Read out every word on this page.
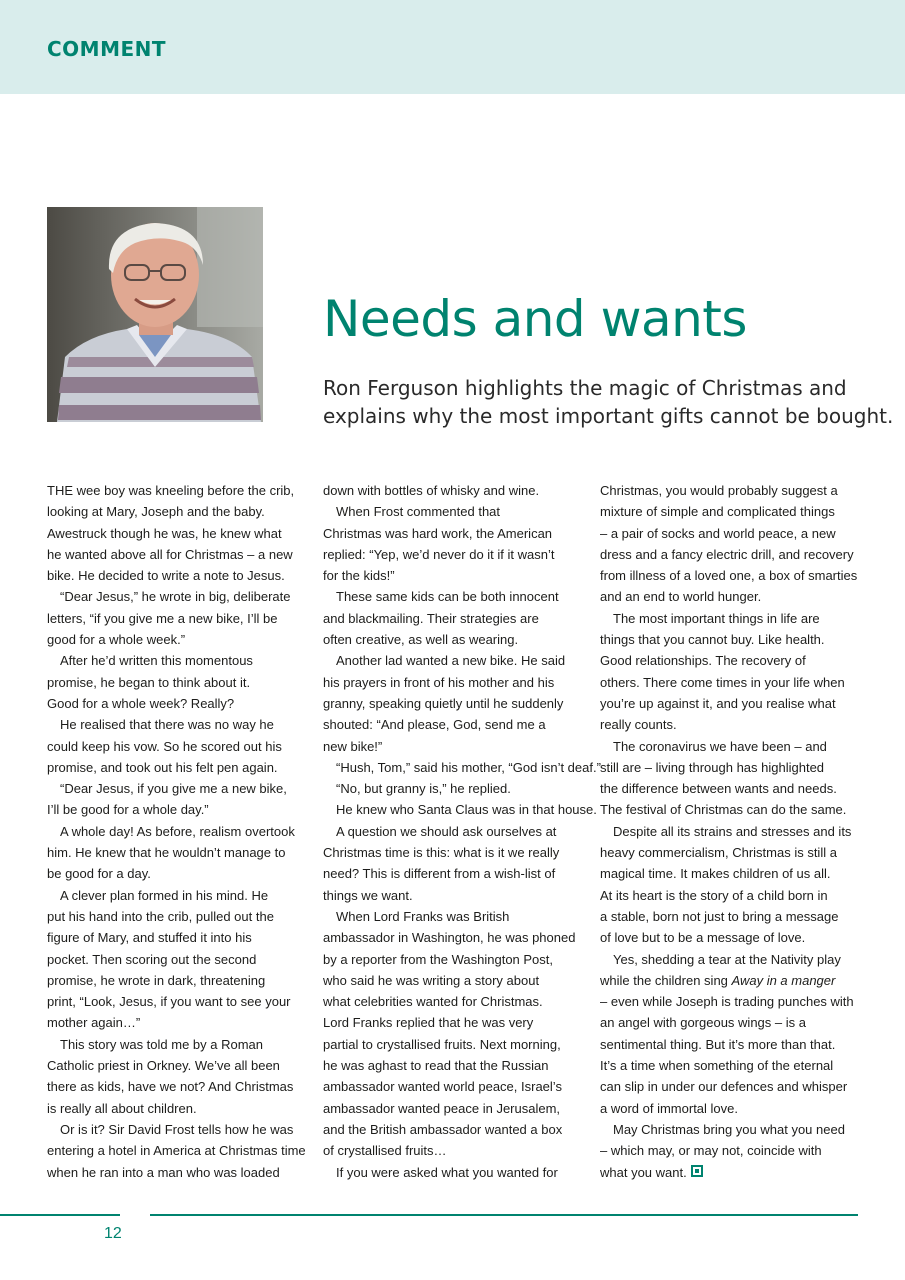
COMMENT
Needs and wants
Ron Ferguson highlights the magic of Christmas and
explains why the most important gifts cannot be bought.

THE wee boy was kneeling before the crib,

looking at Mary, Joseph and the baby.

Awestruck though he was, he knew what

he wanted above all for Christmas – a new

bike. He decided to write a note to Jesus.

“Dear Jesus,” he wrote in big, deliberate

letters, “if you give me a new bike, I’ll be

good for a whole week.”

After he’d written this momentous

promise, he began to think about it.

Good for a whole week? Really?

He realised that there was no way he

could keep his vow. So he scored out his

promise, and took out his felt pen again.

“Dear Jesus, if you give me a new bike,

I’ll be good for a whole day.”

A whole day! As before, realism overtook

him. He knew that he wouldn’t manage to

be good for a day.

A clever plan formed in his mind. He

put his hand into the crib, pulled out the

figure of Mary, and stuffed it into his

pocket. Then scoring out the second

promise, he wrote in dark, threatening

print, “Look, Jesus, if you want to see your

mother again…”

This story was told me by a Roman

Catholic priest in Orkney. We’ve all been

there as kids, have we not? And Christmas

is really all about children.

Or is it? Sir David Frost tells how he was

entering a hotel in America at Christmas time

when he ran into a man who was loaded

down with bottles of whisky and wine.

When Frost commented that

Christmas was hard work, the American

replied: “Yep, we’d never do it if it wasn’t

for the kids!”

These same kids can be both innocent

and blackmailing. Their strategies are

often creative, as well as wearing.

Another lad wanted a new bike. He said

his prayers in front of his mother and his

granny, speaking quietly until he suddenly

shouted: “And please, God, send me a

new bike!”

“Hush, Tom,” said his mother, “God isn’t deaf.”

“No, but granny is,” he replied.

He knew who Santa Claus was in that house.

A question we should ask ourselves at

Christmas time is this: what is it we really

need? This is different from a wish-list of

things we want.

When Lord Franks was British

ambassador in Washington, he was phoned

by a reporter from the Washington Post,

who said he was writing a story about

what celebrities wanted for Christmas.

Lord Franks replied that he was very

partial to crystallised fruits. Next morning,

he was aghast to read that the Russian

ambassador wanted world peace, Israel’s

ambassador wanted peace in Jerusalem,

and the British ambassador wanted a box

of crystallised fruits…

If you were asked what you wanted for

Christmas, you would probably suggest a

mixture of simple and complicated things

– a pair of socks and world peace, a new

dress and a fancy electric drill, and recovery

from illness of a loved one, a box of smarties

and an end to world hunger.

The most important things in life are

things that you cannot buy. Like health.

Good relationships. The recovery of

others. There come times in your life when

you’re up against it, and you realise what

really counts.

The coronavirus we have been – and

still are – living through has highlighted

the difference between wants and needs.

The festival of Christmas can do the same.

Despite all its strains and stresses and its

heavy commercialism, Christmas is still a

magical time. It makes children of us all.

At its heart is the story of a child born in

a stable, born not just to bring a message

of love but to be a message of love.

Yes, shedding a tear at the Nativity play

while the children sing Away in a manger

– even while Joseph is trading punches with

an angel with gorgeous wings – is a

sentimental thing. But it’s more than that.

It’s a time when something of the eternal

can slip in under our defences and whisper

a word of immortal love.

May Christmas bring you what you need

– which may, or may not, coincide with

what you want.

12
